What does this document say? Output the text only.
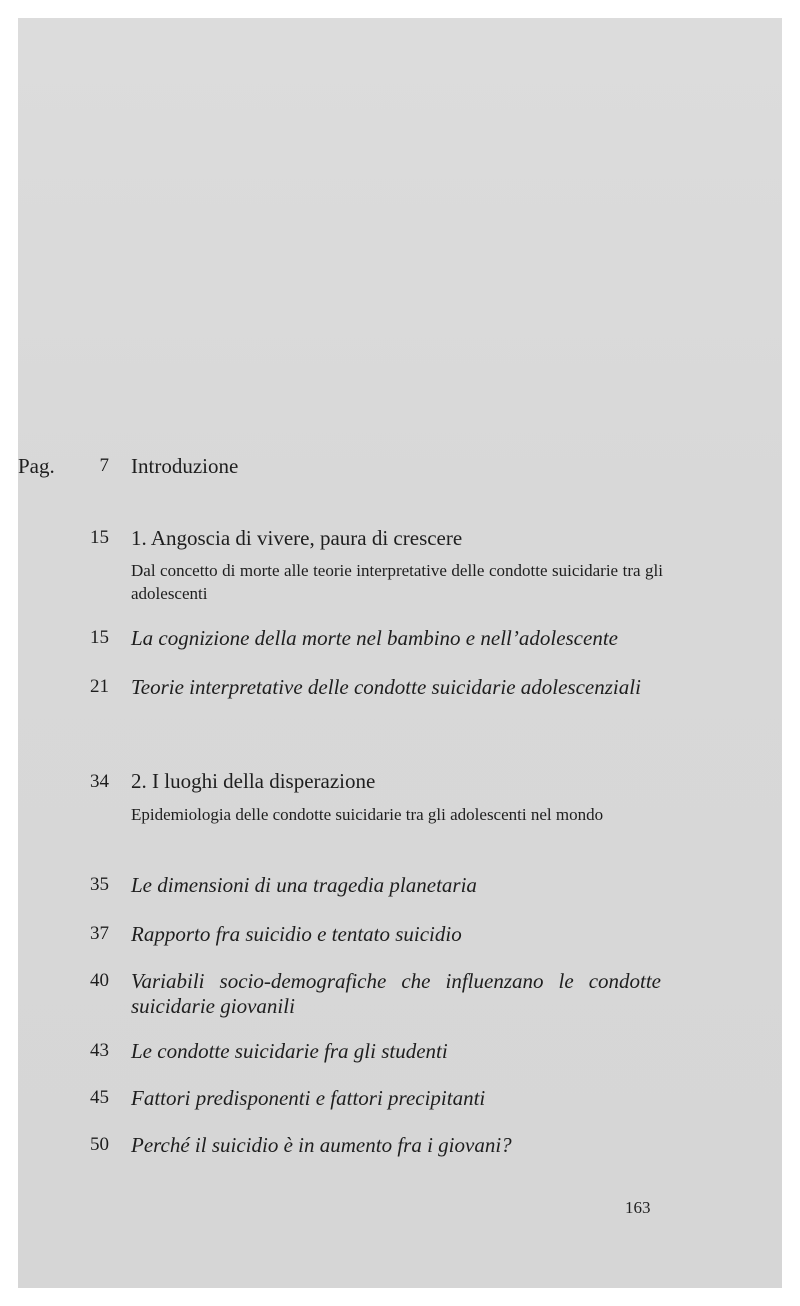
Pag. 7 Introduzione
15 1. Angoscia di vivere, paura di crescere
Dal concetto di morte alle teorie interpretative delle condotte suicidarie tra gli adolescenti
15 La cognizione della morte nel bambino e nell’adolescente
21 Teorie interpretative delle condotte suicidarie adolescenziali
34 2. I luoghi della disperazione
Epidemiologia delle condotte suicidarie tra gli adolescenti nel mondo
35 Le dimensioni di una tragedia planetaria
37 Rapporto fra suicidio e tentato suicidio
40 Variabili socio-demografiche che influenzano le condotte suicidarie giovanili
43 Le condotte suicidarie fra gli studenti
45 Fattori predisponenti e fattori precipitanti
50 Perché il suicidio è in aumento fra i giovani?
163
